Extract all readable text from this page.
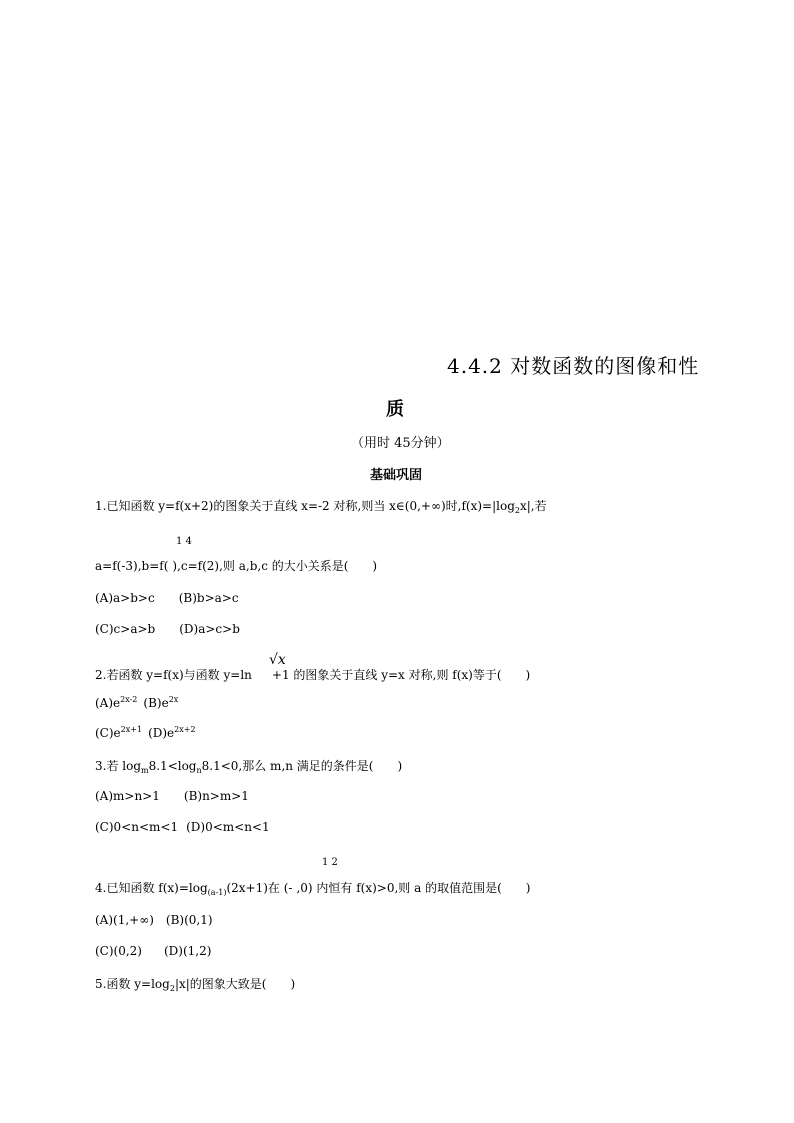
4.4.2 对数函数的图像和性
质
（用时 45分钟）
基础巩固
1.已知函数 y=f(x+2)的图象关于直线 x=-2 对称,则当 x∈(0,+∞)时$,f(x)=|\log_2x|$,若
1 4
a=f(-3),b=f( ),c=f(2),则 a,b,c 的大小关系是(　　)
(A)a>b>c (B)b>a>c
(C)c>a>b (D)a>c>b
√x
2.若函数 y=f(x)与函数 y=ln +1 的图象关于直线 y=x 对称,则 f(x)等于(　　)
$(A)e^{2x-2}$ $(B)e^{2x}$
$(C)e^{2x+1}$ $(D)e^{2x+2}$
3.若 $\log_m8.1<\log_n8.1<0$,那么 m,n 满足的条件是(　　)
(A)m>n>1 (B)n>m>1
(C)0<n<m<1 (D)0<m<n<1
1 2
4.已知函数 $f(x)=\log_{(a-1)}(2x+1)$在 (- ,0) 内恒有 f(x)>0,则 a 的取值范围是(　　)
(A)(1,+∞) (B)(0,1)
(C)(0,2) (D)(1,2)
5.函数 $y=\log_2|x|$的图象大致是(　　)
